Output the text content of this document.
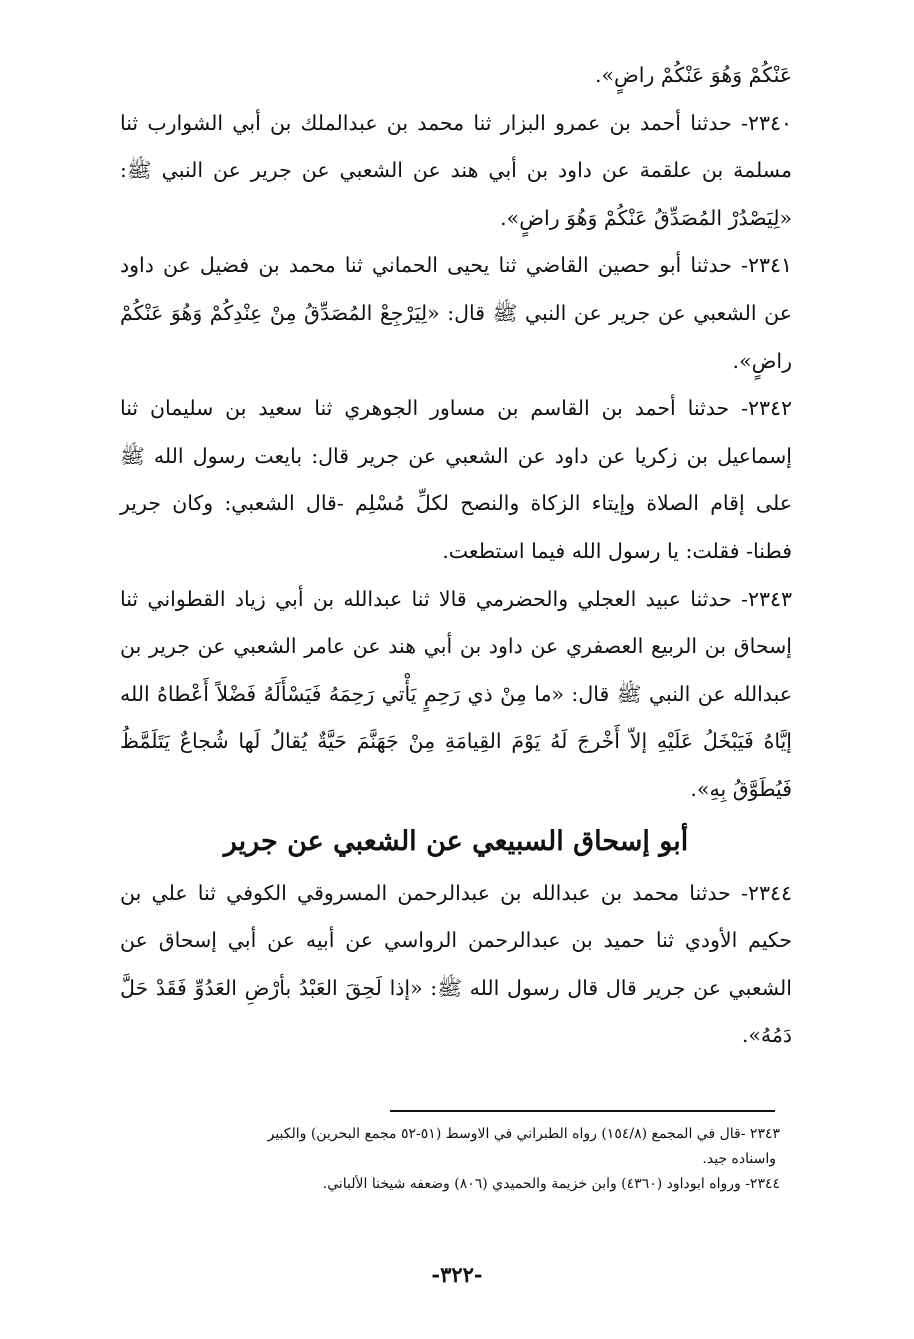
عَنْكُمْ وَهُوَ عَنْكُمْ راضٍ».

٢٣٤٠- حدثنا أحمد بن عمرو البزار ثنا محمد بن عبدالملك بن أبي الشوارب ثنا مسلمة بن علقمة عن داود بن أبي هند عن الشعبي عن جرير عن النبي ﷺ: «لِيَصْدُرْ المُصَدِّقُ عَنْكُمْ وَهُوَ راضٍ».

٢٣٤١- حدثنا أبو حصين القاضي ثنا يحيى الحماني ثنا محمد بن فضيل عن داود عن الشعبي عن جرير عن النبي ﷺ قال: «لِيَرْجِعْ المُصَدِّقُ مِنْ عِنْدِكُمْ وَهُوَ عَنْكُمْ راضٍ».

٢٣٤٢- حدثنا أحمد بن القاسم بن مساور الجوهري ثنا سعيد بن سليمان ثنا إسماعيل بن زكريا عن داود عن الشعبي عن جرير قال: بايعت رسول الله ﷺ على إقام الصلاة وإيتاء الزكاة والنصح لكلِّ مُسْلِم -قال الشعبي: وكان جرير فطنا- فقلت: يا رسول الله فيما استطعت.

٢٣٤٣- حدثنا عبيد العجلي والحضرمي قالا ثنا عبدالله بن أبي زياد القطواني ثنا إسحاق بن الربيع العصفري عن داود بن أبي هند عن عامر الشعبي عن جرير بن عبدالله عن النبي ﷺ قال: «ما مِنْ ذي رَحِمٍ يَأْتي رَحِمَهُ فَيَسْأَلَهُ فَضْلاً أَعْطاهُ الله إيَّاهُ فَيَبْخَلُ عَلَيْهِ إلاّ أَخْرجَ لَهُ يَوْمَ القِيامَةِ مِنْ جَهَنَّمَ حَيَّةٌ يُقالُ لَها شُجاعٌ يَتَلَمَّظُ فَيُطَوَّقُ بِهِ».

أبو إسحاق السبيعي عن الشعبي عن جرير

٢٣٤٤- حدثنا محمد بن عبدالله بن عبدالرحمن المسروقي الكوفي ثنا علي بن حكيم الأودي ثنا حميد بن عبدالرحمن الرواسي عن أبيه عن أبي إسحاق عن الشعبي عن جرير قال قال رسول الله ﷺ: «إذا لَحِقَ العَبْدُ بأرْضِ العَدُوِّ فَقَدْ حَلَّ دَمُهُ».

٢٣٤٣ -قال في المجمع (١٥٤/٨) رواه الطبراني في الاوسط (٥١-٥٢ مجمع البحرين) والكبير

واسناده جيد.

٢٣٤٤- ورواه ابوداود (٤٣٦٠) وابن خزيمة والحميدي (٨٠٦) وضعفه شيخنا الألباني.

-٣٢٢-
